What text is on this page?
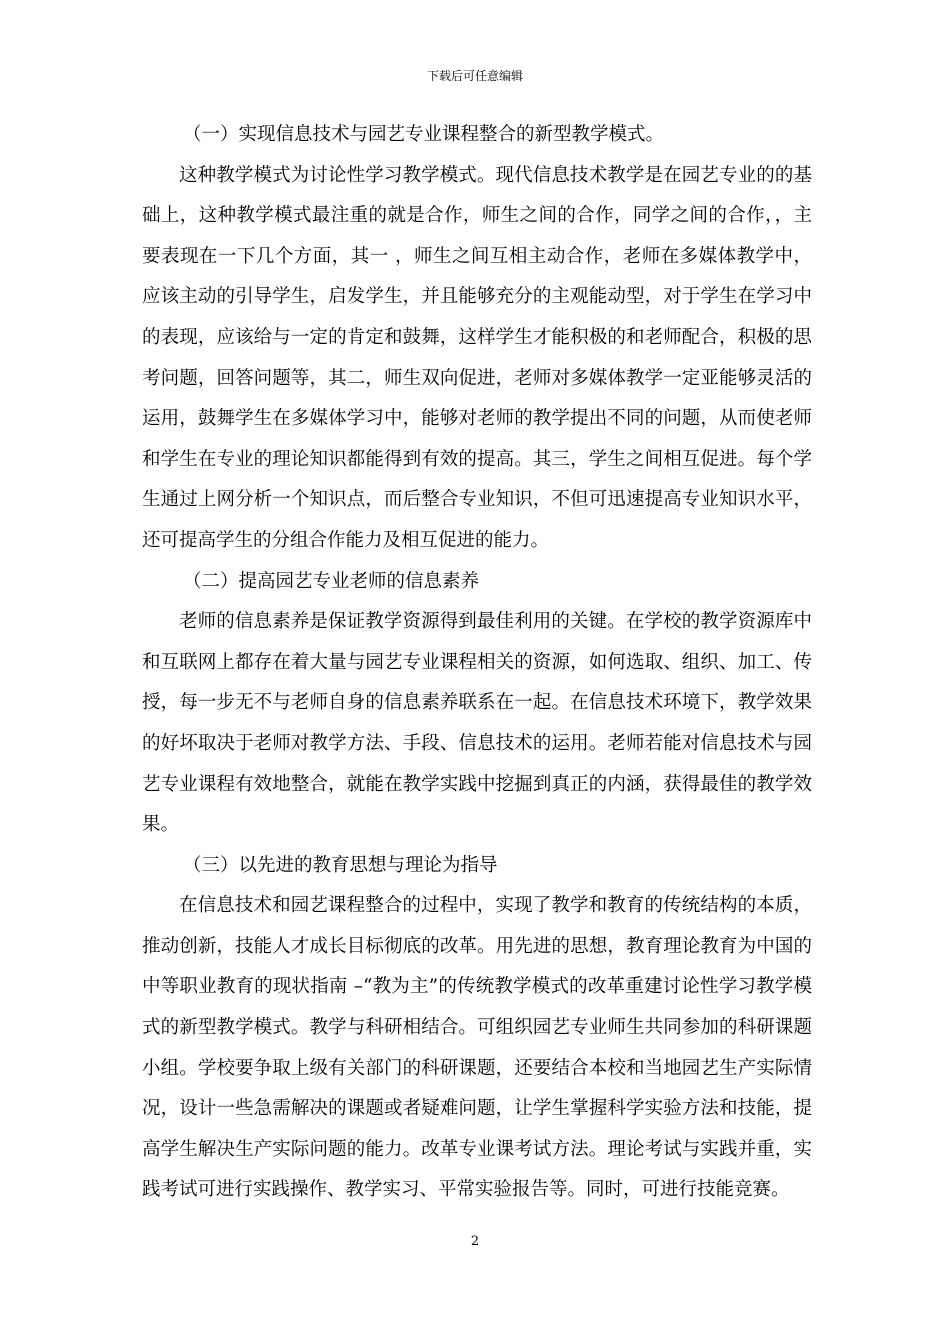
下载后可任意编辑

（一）实现信息技术与园艺专业课程整合的新型教学模式。

这种教学模式为讨论性学习教学模式。现代信息技术教学是在园艺专业的的基础上，这种教学模式最注重的就是合作，师生之间的合作，同学之间的合作，，主要表现在一下几个方面，其一 ，师生之间互相主动合作，老师在多媒体教学中，应该主动的引导学生，启发学生，并且能够充分的主观能动型，对于学生在学习中的表现，应该给与一定的肯定和鼓舞，这样学生才能积极的和老师配合，积极的思考问题，回答问题等，其二，师生双向促进，老师对多媒体教学一定亚能够灵活的运用，鼓舞学生在多媒体学习中，能够对老师的教学提出不同的问题，从而使老师和学生在专业的理论知识都能得到有效的提高。其三，学生之间相互促进。每个学生通过上网分析一个知识点，而后整合专业知识，不但可迅速提高专业知识水平，还可提高学生的分组合作能力及相互促进的能力。

（二）提高园艺专业老师的信息素养

老师的信息素养是保证教学资源得到最佳利用的关键。在学校的教学资源库中和互联网上都存在着大量与园艺专业课程相关的资源，如何选取、组织、加工、传授，每一步无不与老师自身的信息素养联系在一起。在信息技术环境下，教学效果的好坏取决于老师对教学方法、手段、信息技术的运用。老师若能对信息技术与园艺专业课程有效地整合，就能在教学实践中挖掘到真正的内涵，获得最佳的教学效果。

（三）以先进的教育思想与理论为指导

在信息技术和园艺课程整合的过程中，实现了教学和教育的传统结构的本质，推动创新，技能人才成长目标彻底的改革。用先进的思想，教育理论教育为中国的中等职业教育的现状指南 –“教为主”的传统教学模式的改革重建讨论性学习教学模式的新型教学模式。教学与科研相结合。可组织园艺专业师生共同参加的科研课题小组。学校要争取上级有关部门的科研课题，还要结合本校和当地园艺生产实际情况，设计一些急需解决的课题或者疑难问题，让学生掌握科学实验方法和技能，提高学生解决生产实际问题的能力。改革专业课考试方法。理论考试与实践并重，实践考试可进行实践操作、教学实习、平常实验报告等。同时，可进行技能竞赛。

2
